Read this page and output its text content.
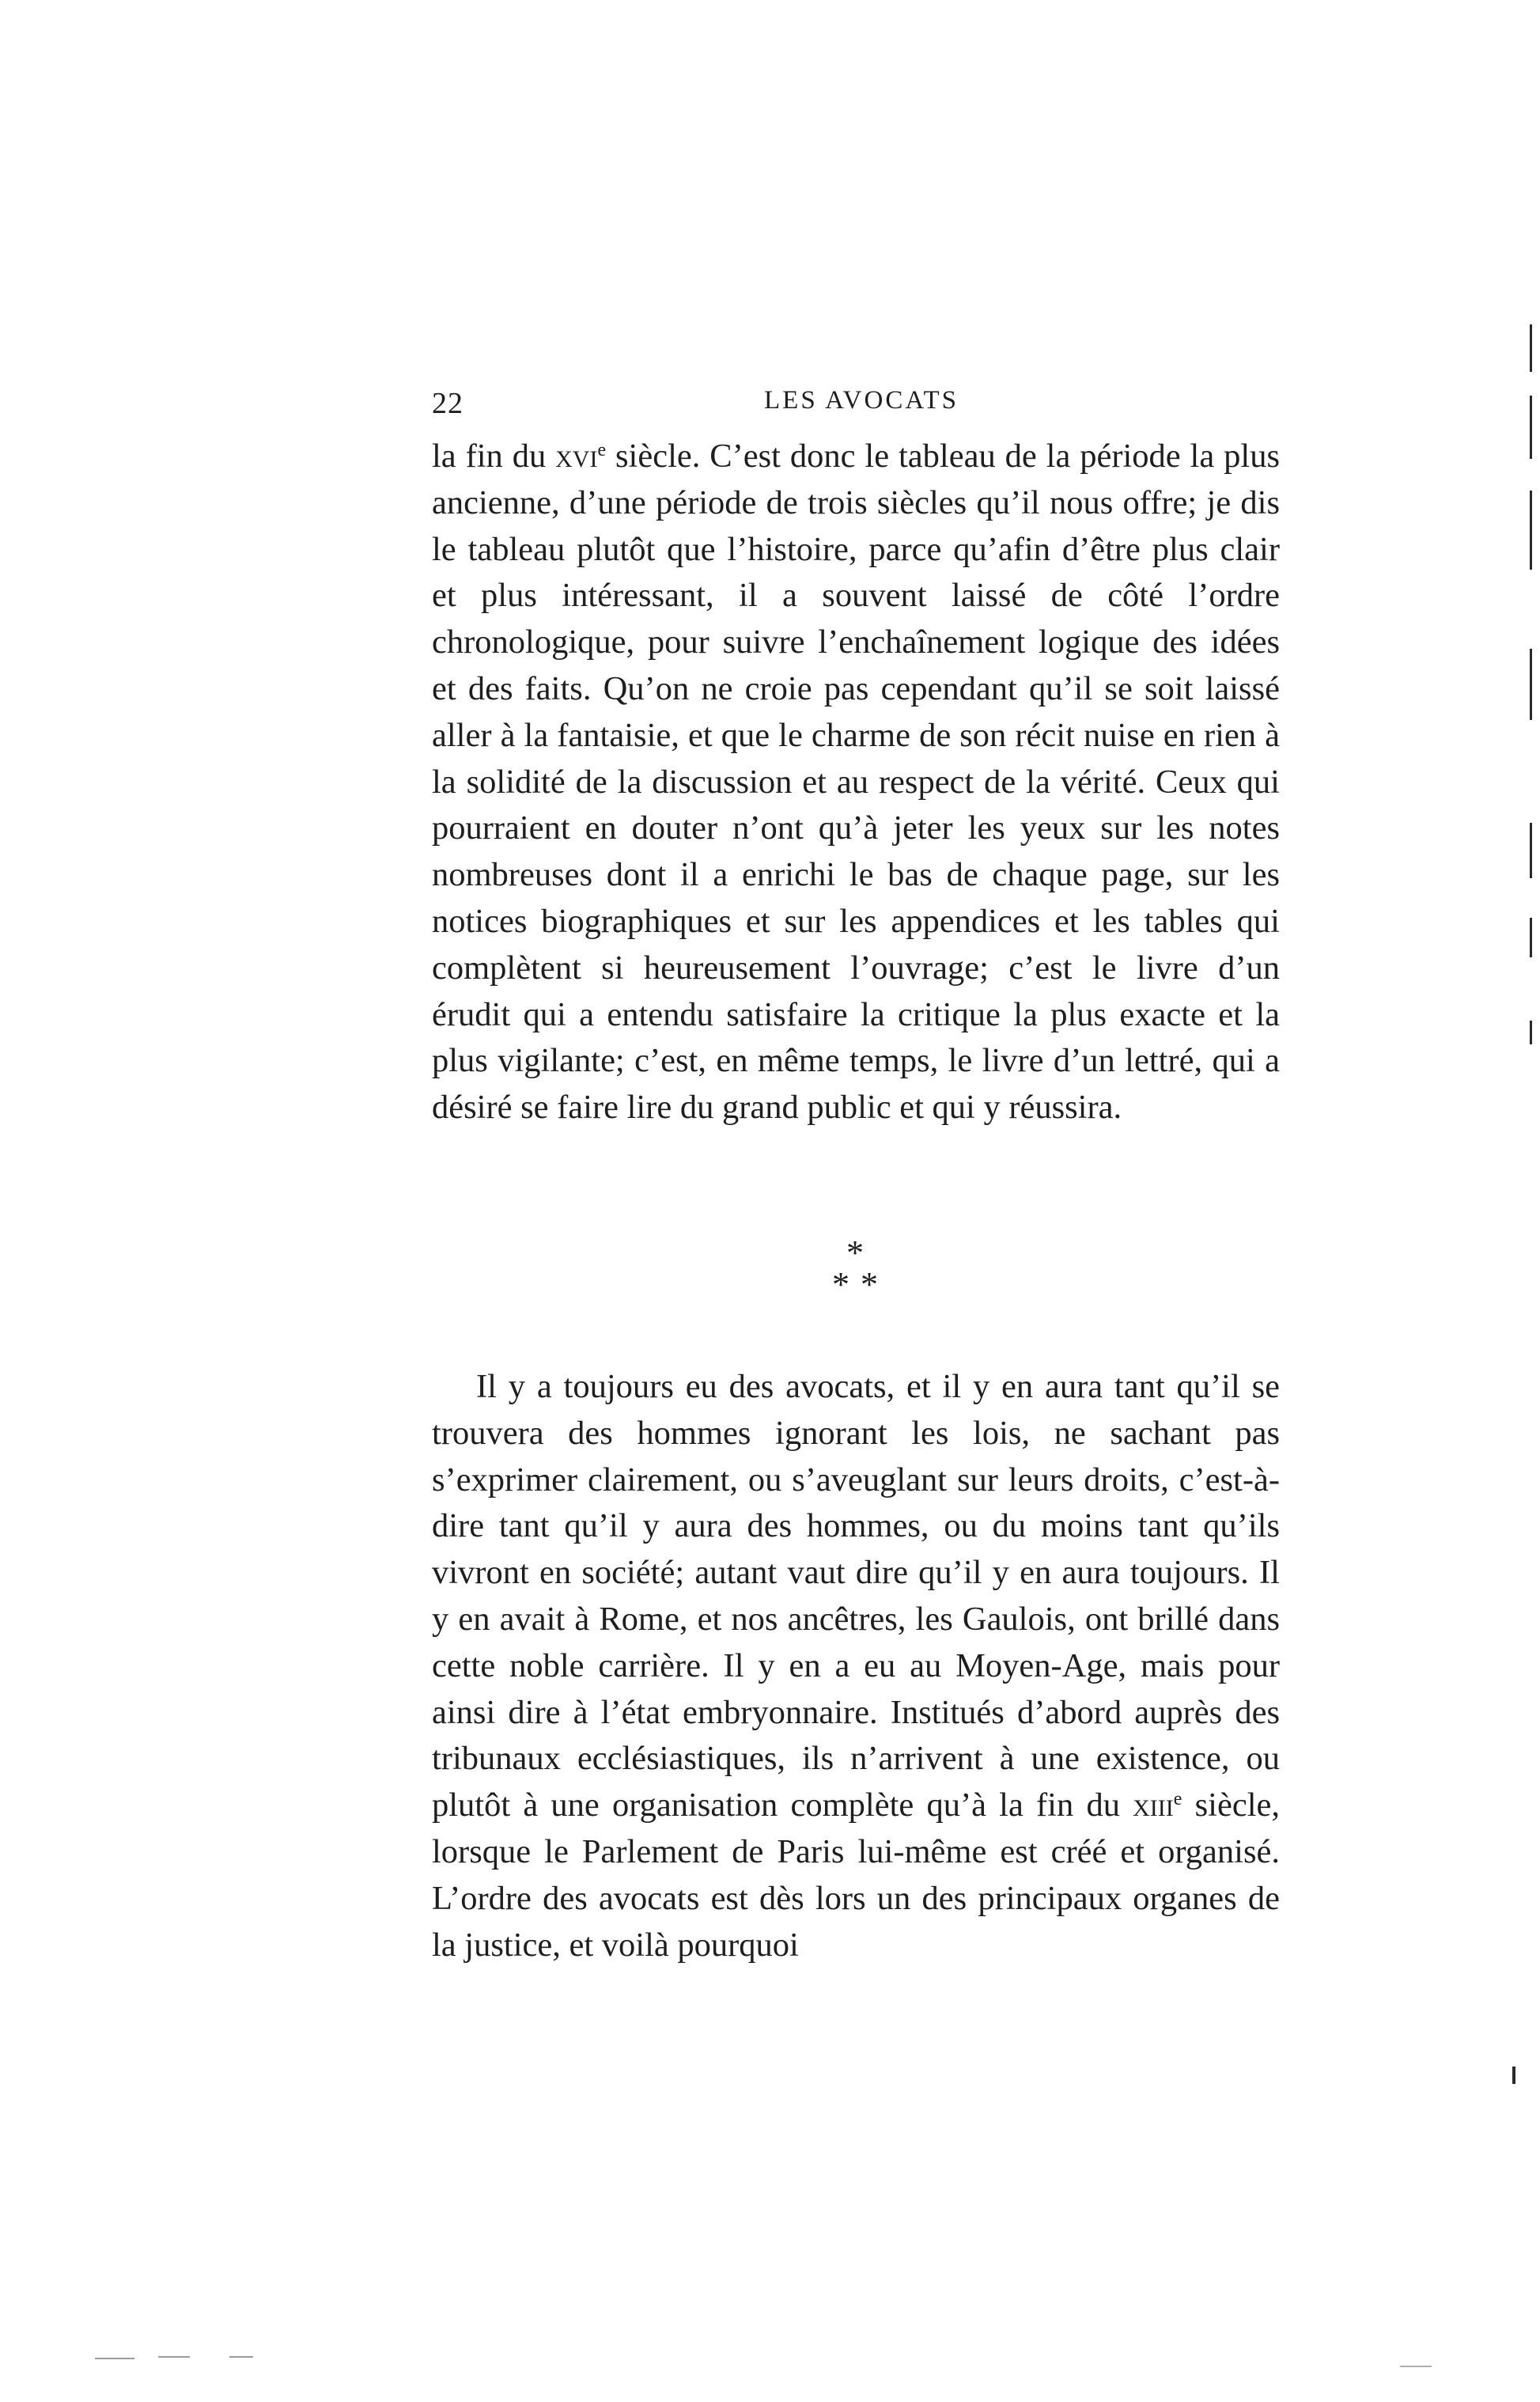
22	LES AVOCATS
la fin du xvi$^e$ siècle. C’est donc le tableau de la période la plus ancienne, d’une période de trois siècles qu’il nous offre; je dis le tableau plutôt que l’histoire, parce qu’afin d’être plus clair et plus intéressant, il a souvent laissé de côté l’ordre chronologique, pour suivre l’enchaînement logique des idées et des faits. Qu’on ne croie pas cependant qu’il se soit laissé aller à la fantaisie, et que le charme de son récit nuise en rien à la solidité de la discussion et au respect de la vérité. Ceux qui pourraient en douter n’ont qu’à jeter les yeux sur les notes nombreuses dont il a enrichi le bas de chaque page, sur les notices biographiques et sur les appendices et les tables qui complètent si heureusement l’ouvrage; c’est le livre d’un érudit qui a entendu satisfaire la critique la plus exacte et la plus vigilante; c’est, en même temps, le livre d’un lettré, qui a désiré se faire lire du grand public et qui y réussira.
*
**
Il y a toujours eu des avocats, et il y en aura tant qu’il se trouvera des hommes ignorant les lois, ne sachant pas s’exprimer clairement, ou s’aveuglant sur leurs droits, c’est-à-dire tant qu’il y aura des hommes, ou du moins tant qu’ils vivront en société; autant vaut dire qu’il y en aura toujours. Il y en avait à Rome, et nos ancêtres, les Gaulois, ont brillé dans cette noble carrière. Il y en a eu au Moyen-Age, mais pour ainsi dire à l’état embryonnaire. Institués d’abord auprès des tribunaux ecclésiastiques, ils n’arrivent à une existence, ou plutôt à une organisation complète qu’à la fin du xiii$^e$ siècle, lorsque le Parlement de Paris lui-même est créé et organisé. L’ordre des avocats est dès lors un des principaux organes de la justice, et voilà pourquoi
